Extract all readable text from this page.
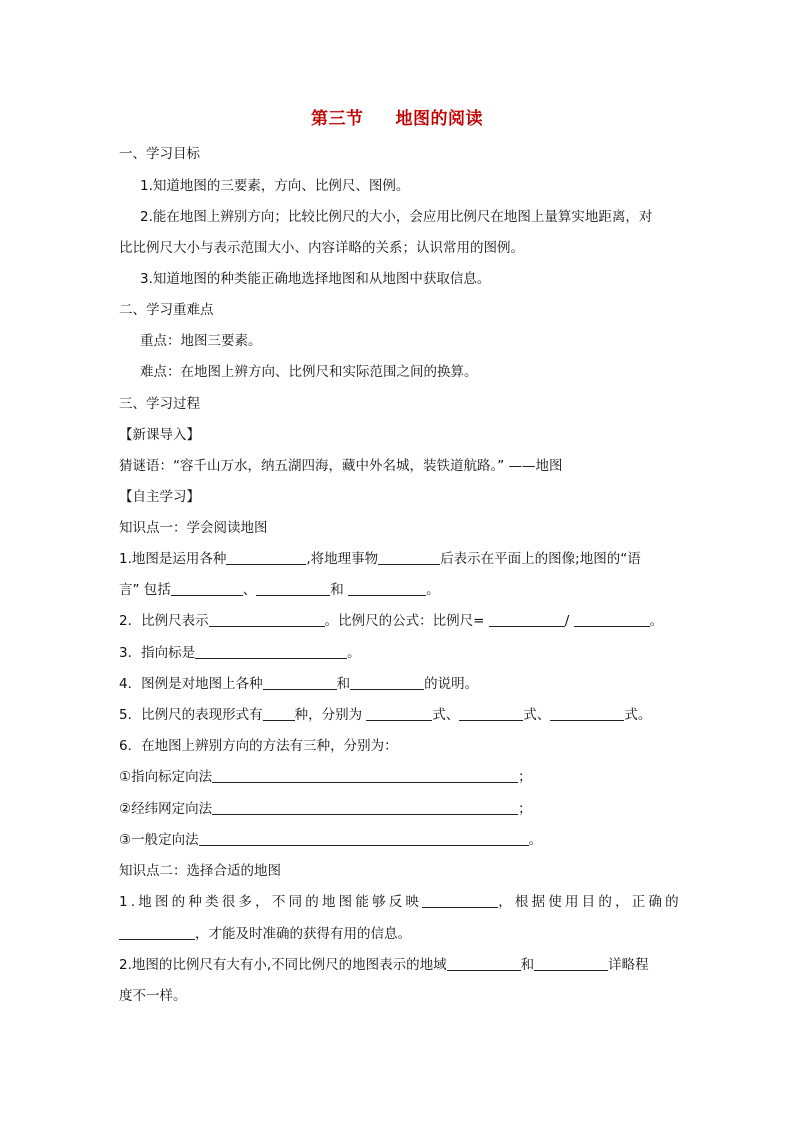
第三节 地图的阅读
一、学习目标
1.知道地图的三要素，方向、比例尺、图例。
2.能在地图上辨别方向；比较比例尺的大小，会应用比例尺在地图上量算实地距离，对
比比例尺大小与表示范围大小、内容详略的关系；认识常用的图例。
3.知道地图的种类能正确地选择地图和从地图中获取信息。
二、学习重难点
重点：地图三要素。
难点：在地图上辨方向、比例尺和实际范围之间的换算。
三、学习过程
【新课导入】
猜谜语：“容千山万水，纳五湖四海，藏中外名城，装铁道航路。” ——地图
【自主学习】
知识点一：学会阅读地图
1.地图是运用各种	,将地理事物	后表示在平面上的图像;地图的“语
言” 包括	、	和	。
2．比例尺表示	。比例尺的公式：比例尺=	/	。
3．指向标是	。
4．图例是对地图上各种	和	的说明。
5．比例尺的表现形式有 种，分别为	式、	式、	式。
6．在地图上辨别方向的方法有三种，分别为：
①指向标定向法	；
②经纬网定向法	；
③一般定向法	。
知识点二：选择合适的地图
1.地图的种类很多，不同的地图能够反映	，根据使用目的，正确的
，才能及时准确的获得有用的信息。
2.地图的比例尺有大有小,不同比例尺的地图表示的地域	和	详略程
度不一样。
